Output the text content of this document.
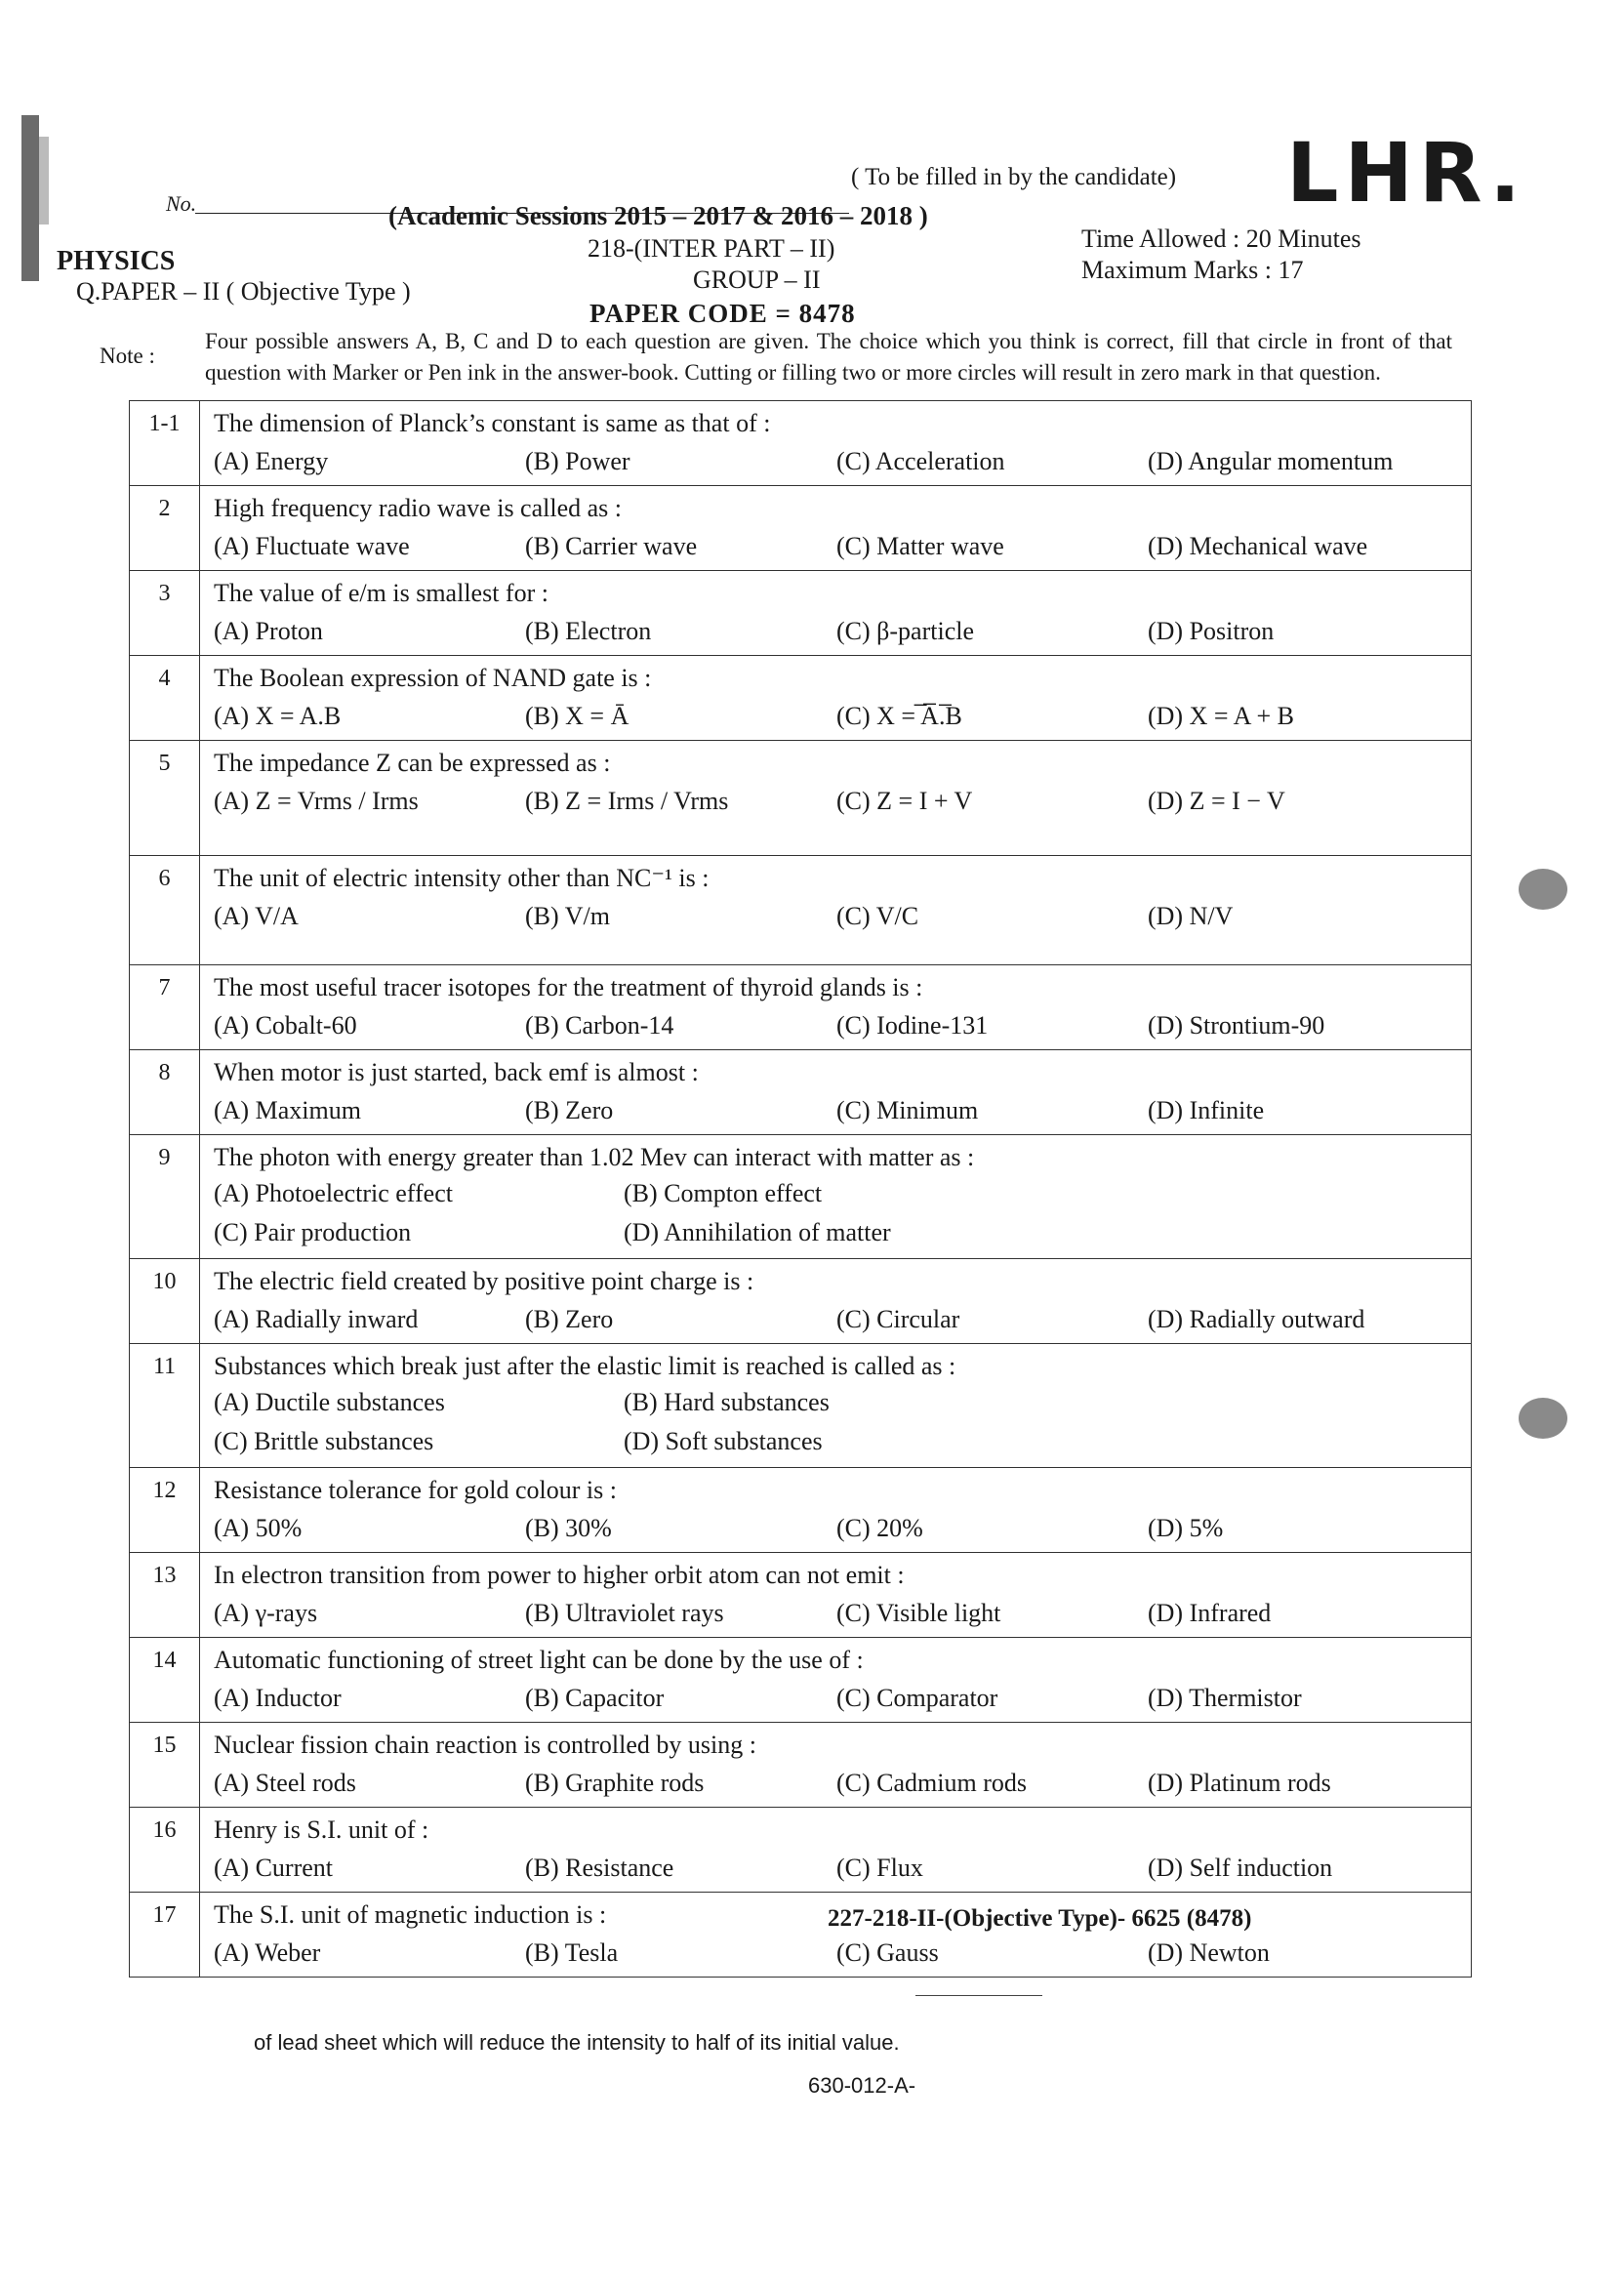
LHR.
( To be filled in by the candidate)
No.	(Academic Sessions 2015 – 2017 & 2016 – 2018 )
PHYSICS
Q.PAPER – II ( Objective Type )
218-(INTER PART – II)
GROUP – II
PAPER CODE = 8478
Time Allowed : 20 Minutes
Maximum Marks : 17
Note :
Four possible answers A, B, C and D to each question are given. The choice which you think is correct, fill that circle in front of that question with Marker or Pen ink in the answer-book. Cutting or filling two or more circles will result in zero mark in that question.
1-1	The dimension of Planck’s constant is same as that of :
(A) Energy (B) Power (C) Acceleration (D) Angular momentum

2	High frequency radio wave is called as :
(A) Fluctuate wave (B) Carrier wave (C) Matter wave (D) Mechanical wave

3	The value of e/m is smallest for :
(A) Proton (B) Electron (C) β-particle (D) Positron

4	The Boolean expression of NAND gate is :
(A) X = A.B (B) X = Ā (C) X = ̅A̅.̅B (D) X = A + B

5	The impedance Z can be expressed as :
(A) Z = Vrms / Irms (B) Z = Irms / Vrms (C) Z = I + V (D) Z = I − V

6	The unit of electric intensity other than NC⁻¹ is :
(A) V/A (B) V/m (C) V/C (D) N/V

7	The most useful tracer isotopes for the treatment of thyroid glands is :
(A) Cobalt-60 (B) Carbon-14 (C) Iodine-131 (D) Strontium-90

8	When motor is just started, back emf is almost :
(A) Maximum (B) Zero (C) Minimum (D) Infinite

9	The photon with energy greater than 1.02 Mev can interact with matter as :
(A) Photoelectric effect (B) Compton effect
(C) Pair production (D) Annihilation of matter

10	The electric field created by positive point charge is :
(A) Radially inward (B) Zero (C) Circular (D) Radially outward

11	Substances which break just after the elastic limit is reached is called as :
(A) Ductile substances (B) Hard substances
(C) Brittle substances (D) Soft substances

12	Resistance tolerance for gold colour is :
(A) 50% (B) 30% (C) 20% (D) 5%

13	In electron transition from power to higher orbit atom can not emit :
(A) γ-rays (B) Ultraviolet rays (C) Visible light (D) Infrared

14	Automatic functioning of street light can be done by the use of :
(A) Inductor (B) Capacitor (C) Comparator (D) Thermistor

15	Nuclear fission chain reaction is controlled by using :
(A) Steel rods (B) Graphite rods (C) Cadmium rods (D) Platinum rods

16	Henry is S.I. unit of :
(A) Current (B) Resistance (C) Flux (D) Self induction

17	The S.I. unit of magnetic induction is :
(A) Weber (B) Tesla (C) Gauss (D) Newton
227-218-II-(Objective Type)- 6625 (8478)
of lead sheet which will reduce the intensity to half of its initial value.
630-012-A-
